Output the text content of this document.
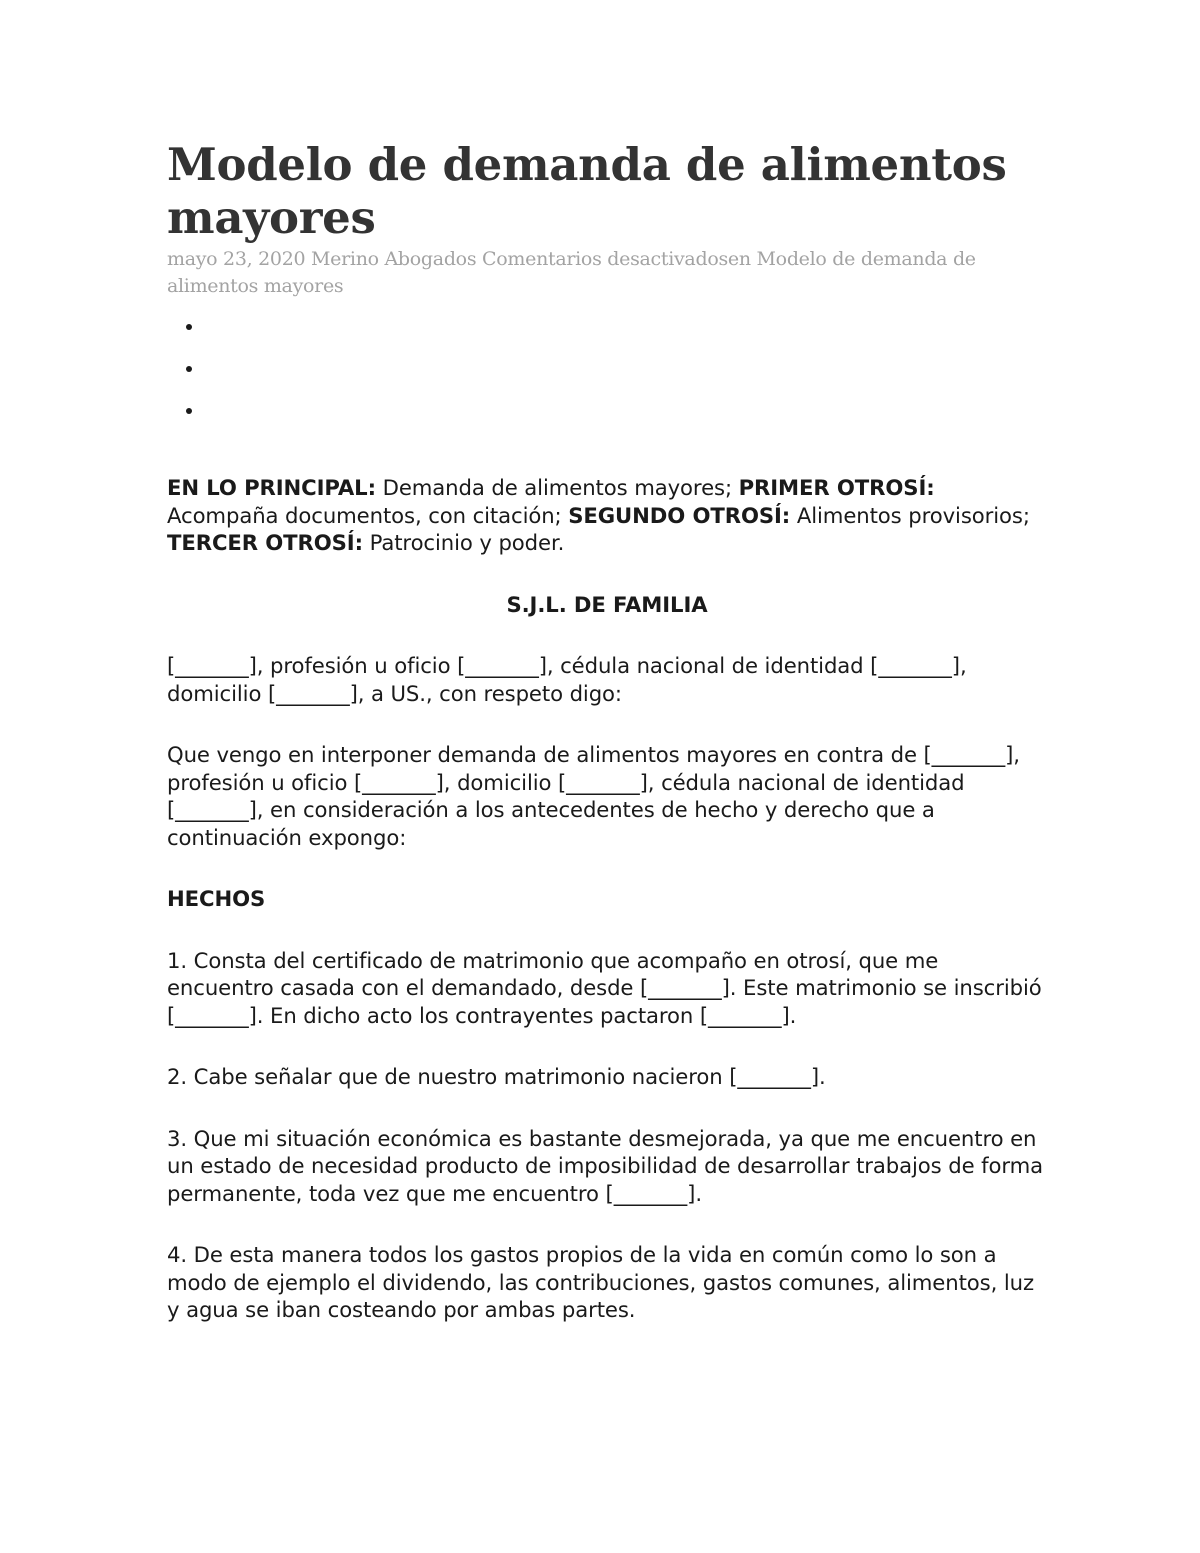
Modelo de demanda de alimentos mayores

mayo 23, 2020 Merino Abogados Comentarios desactivadosen Modelo de demanda de alimentos mayores

•
•
•

EN LO PRINCIPAL: Demanda de alimentos mayores; PRIMER OTROSÍ:Acompaña documentos, con citación; SEGUNDO OTROSÍ: Alimentos provisorios; TERCER OTROSÍ: Patrocinio y poder.

S.J.L. DE FAMILIA

[_______], profesión u oficio [_______], cédula nacional de identidad [_______], domicilio [_______], a US., con respeto digo:

Que vengo en interponer demanda de alimentos mayores en contra de [_______], profesión u oficio [_______], domicilio [_______], cédula nacional de identidad [_______], en consideración a los antecedentes de hecho y derecho que a continuación expongo:

HECHOS

1. Consta del certificado de matrimonio que acompaño en otrosí, que me encuentro casada con el demandado, desde [_______]. Este matrimonio se inscribió [_______]. En dicho acto los contrayentes pactaron [_______].

2. Cabe señalar que de nuestro matrimonio nacieron [_______].

3. Que mi situación económica es bastante desmejorada, ya que me encuentro en un estado de necesidad producto de imposibilidad de desarrollar trabajos de forma permanente, toda vez que me encuentro [_______].

4. De esta manera todos los gastos propios de la vida en común como lo son a modo de ejemplo el dividendo, las contribuciones, gastos comunes, alimentos, luz y agua se iban costeando por ambas partes.
